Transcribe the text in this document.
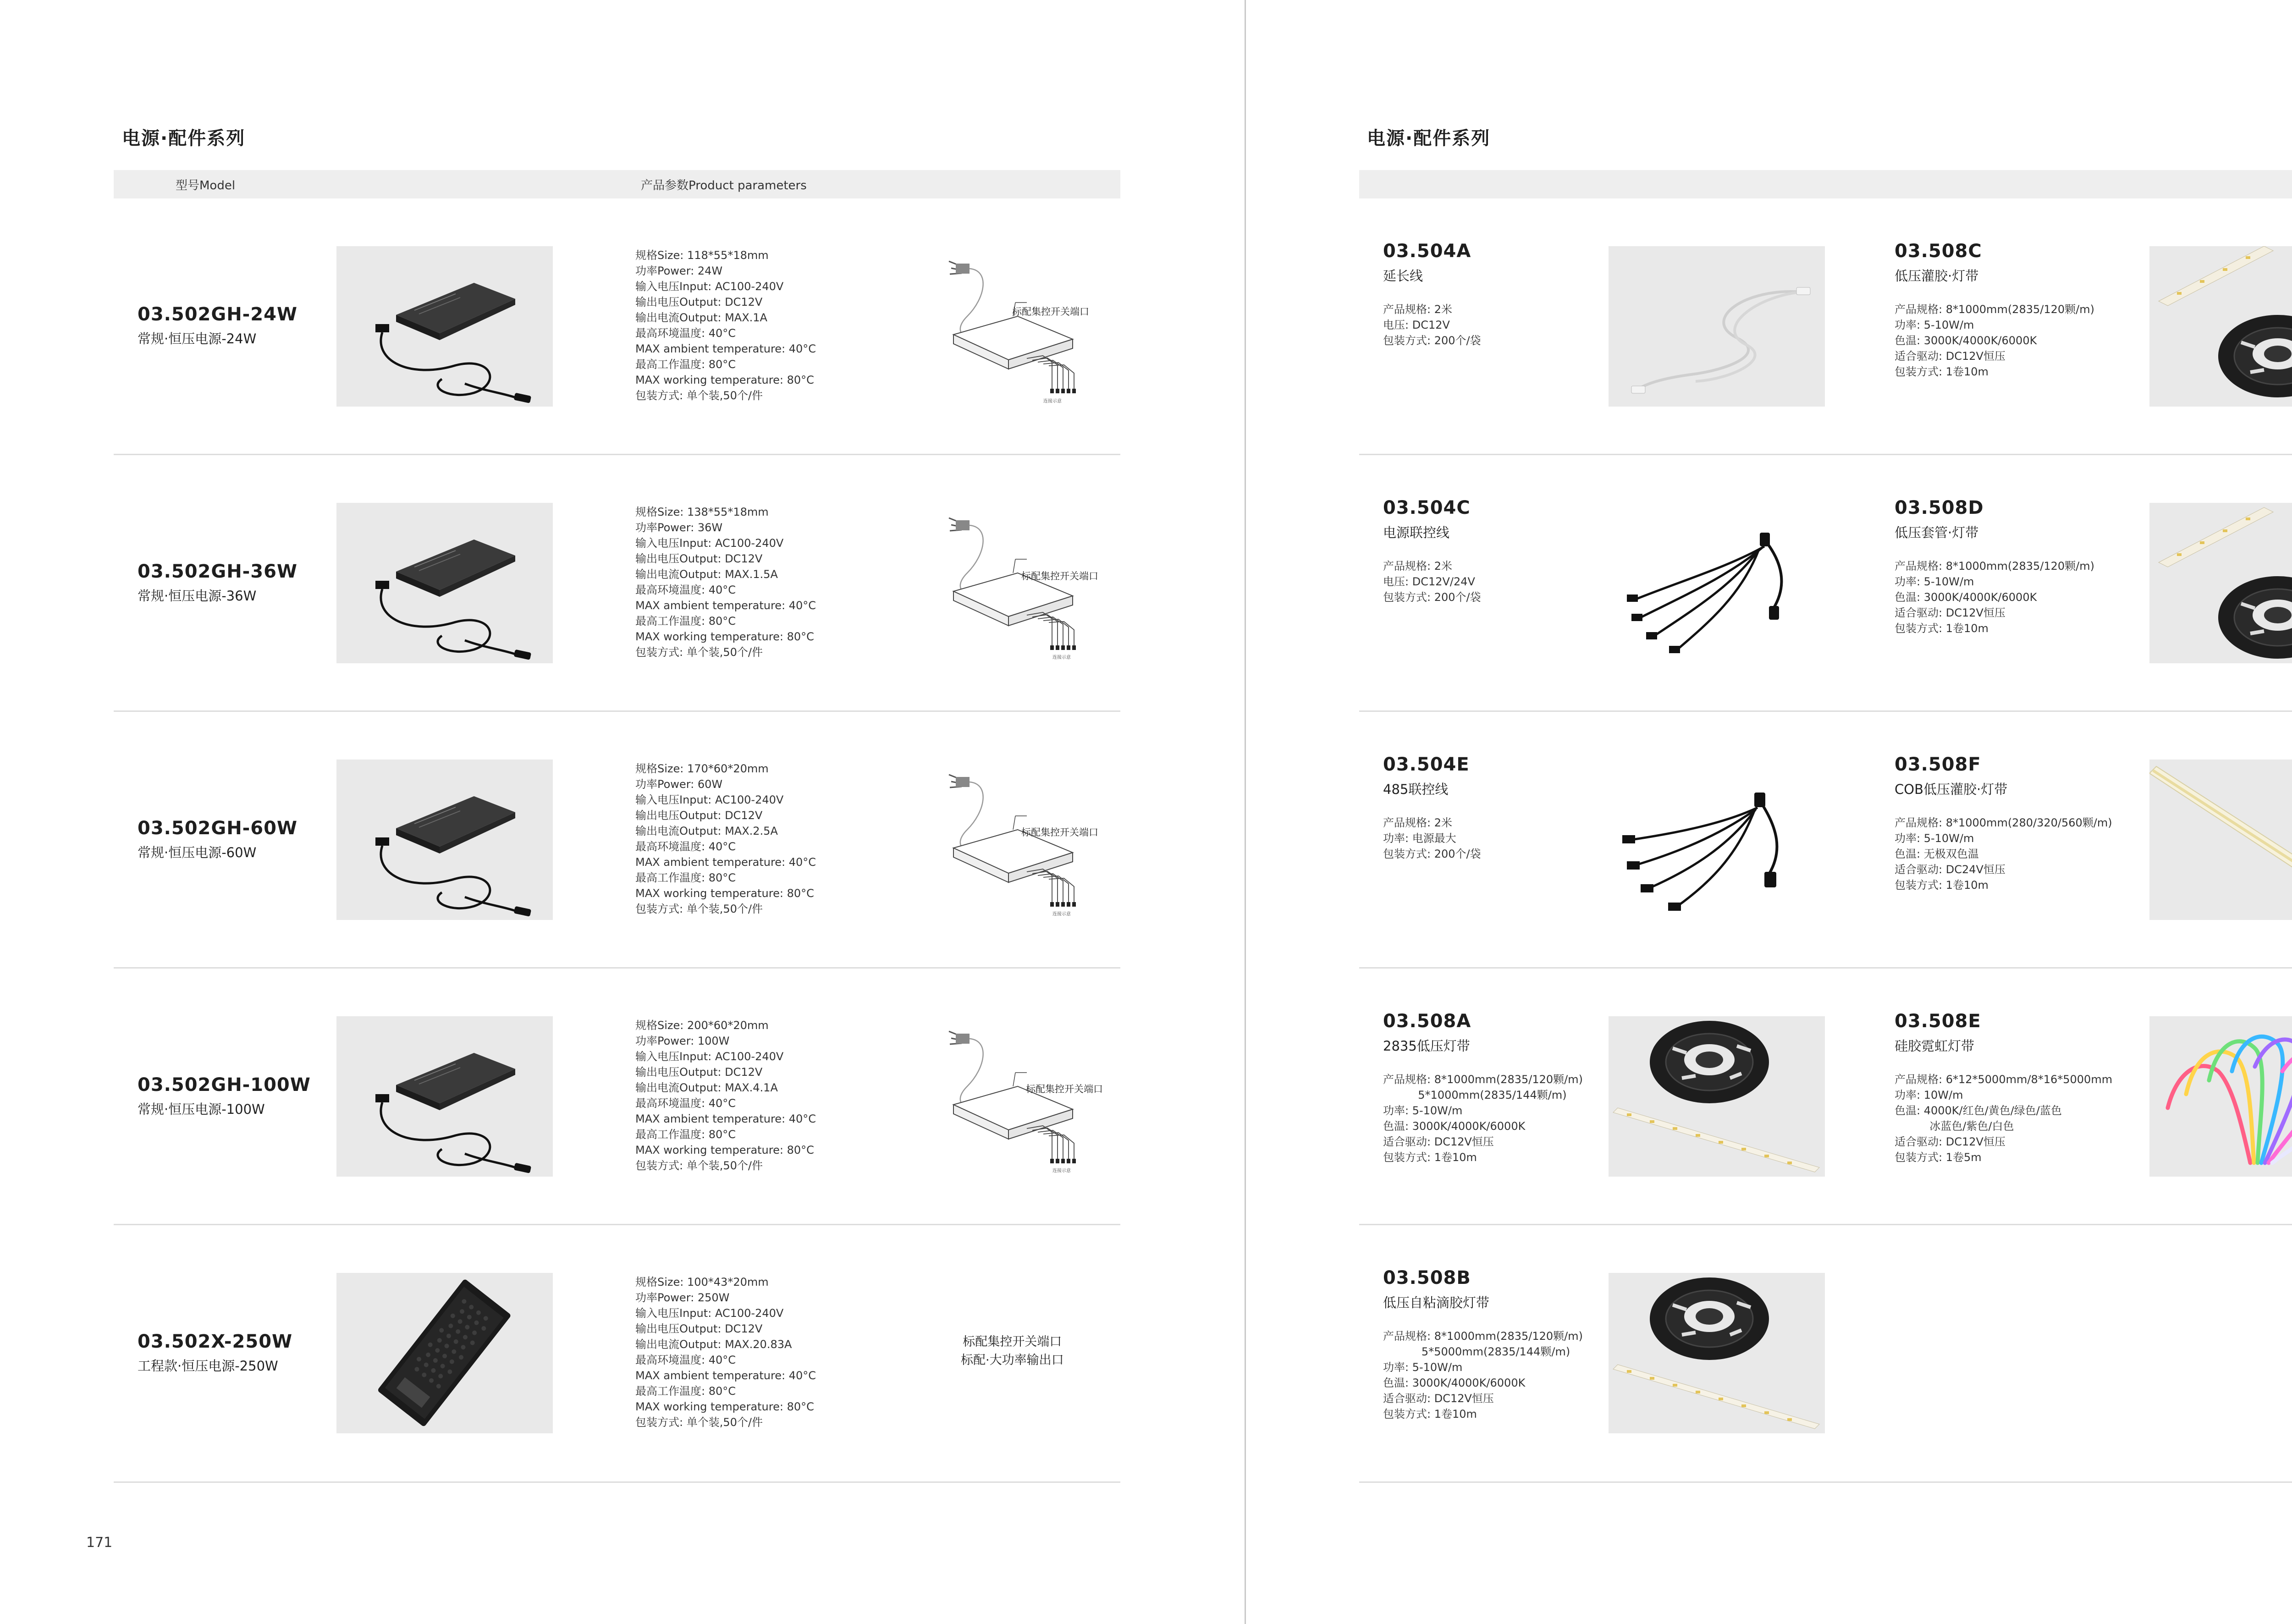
电源·配件系列
型号Model	产品参数Product parameters
03.502GH-24W
常规·恒压电源-24W
规格Size: 118*55*18mm
功率Power: 24W
输入电压Input: AC100-240V
输出电压Output: DC12V
输出电流Output: MAX.1A
最高环境温度: 40°C
MAX ambient temperature: 40°C
最高工作温度: 80°C
MAX working temperature: 80°C
包装方式: 单个装,50个/件
标配集控开关端口
连接示意
03.502GH-36W
常规·恒压电源-36W
规格Size: 138*55*18mm
功率Power: 36W
输入电压Input: AC100-240V
输出电压Output: DC12V
输出电流Output: MAX.1.5A
最高环境温度: 40°C
MAX ambient temperature: 40°C
最高工作温度: 80°C
MAX working temperature: 80°C
包装方式: 单个装,50个/件
标配集控开关端口
连接示意
03.502GH-60W
常规·恒压电源-60W
规格Size: 170*60*20mm
功率Power: 60W
输入电压Input: AC100-240V
输出电压Output: DC12V
输出电流Output: MAX.2.5A
最高环境温度: 40°C
MAX ambient temperature: 40°C
最高工作温度: 80°C
MAX working temperature: 80°C
包装方式: 单个装,50个/件
标配集控开关端口
连接示意
03.502GH-100W
常规·恒压电源-100W
规格Size: 200*60*20mm
功率Power: 100W
输入电压Input: AC100-240V
输出电压Output: DC12V
输出电流Output: MAX.4.1A
最高环境温度: 40°C
MAX ambient temperature: 40°C
最高工作温度: 80°C
MAX working temperature: 80°C
包装方式: 单个装,50个/件
标配集控开关端口
连接示意
03.502X-250W
工程款·恒压电源-250W
规格Size: 100*43*20mm
功率Power: 250W
输入电压Input: AC100-240V
输出电压Output: DC12V
输出电流Output: MAX.20.83A
最高环境温度: 40°C
MAX ambient temperature: 40°C
最高工作温度: 80°C
MAX working temperature: 80°C
包装方式: 单个装,50个/件
标配集控开关端口
标配·大功率输出口
171
电源·配件系列
03.504A
延长线
产品规格: 2米
电压: DC12V
包装方式: 200个/袋
03.508C
低压灌胶·灯带
产品规格: 8*1000mm(2835/120颗/m)
功率: 5-10W/m
色温: 3000K/4000K/6000K
适合驱动: DC12V恒压
包装方式: 1卷10m
03.504C
电源联控线
产品规格: 2米
电压: DC12V/24V
包装方式: 200个/袋
03.508D
低压套管·灯带
产品规格: 8*1000mm(2835/120颗/m)
功率: 5-10W/m
色温: 3000K/4000K/6000K
适合驱动: DC12V恒压
包装方式: 1卷10m
03.504E
485联控线
产品规格: 2米
功率: 电源最大
包装方式: 200个/袋
03.508F
COB低压灌胶·灯带
产品规格: 8*1000mm(280/320/560颗/m)
功率: 5-10W/m
色温: 无极双色温
适合驱动: DC24V恒压
包装方式: 1卷10m
03.508A
2835低压灯带
产品规格: 8*1000mm(2835/120颗/m)
5*1000mm(2835/144颗/m)
功率: 5-10W/m
色温: 3000K/4000K/6000K
适合驱动: DC12V恒压
包装方式: 1卷10m
03.508E
硅胶霓虹灯带
产品规格: 6*12*5000mm/8*16*5000mm
功率: 10W/m
色温: 4000K/红色/黄色/绿色/蓝色
冰蓝色/紫色/白色
适合驱动: DC12V恒压
包装方式: 1卷5m
03.508B
低压自粘滴胶灯带
产品规格: 8*1000mm(2835/120颗/m)
5*5000mm(2835/144颗/m)
功率: 5-10W/m
色温: 3000K/4000K/6000K
适合驱动: DC12V恒压
包装方式: 1卷10m
